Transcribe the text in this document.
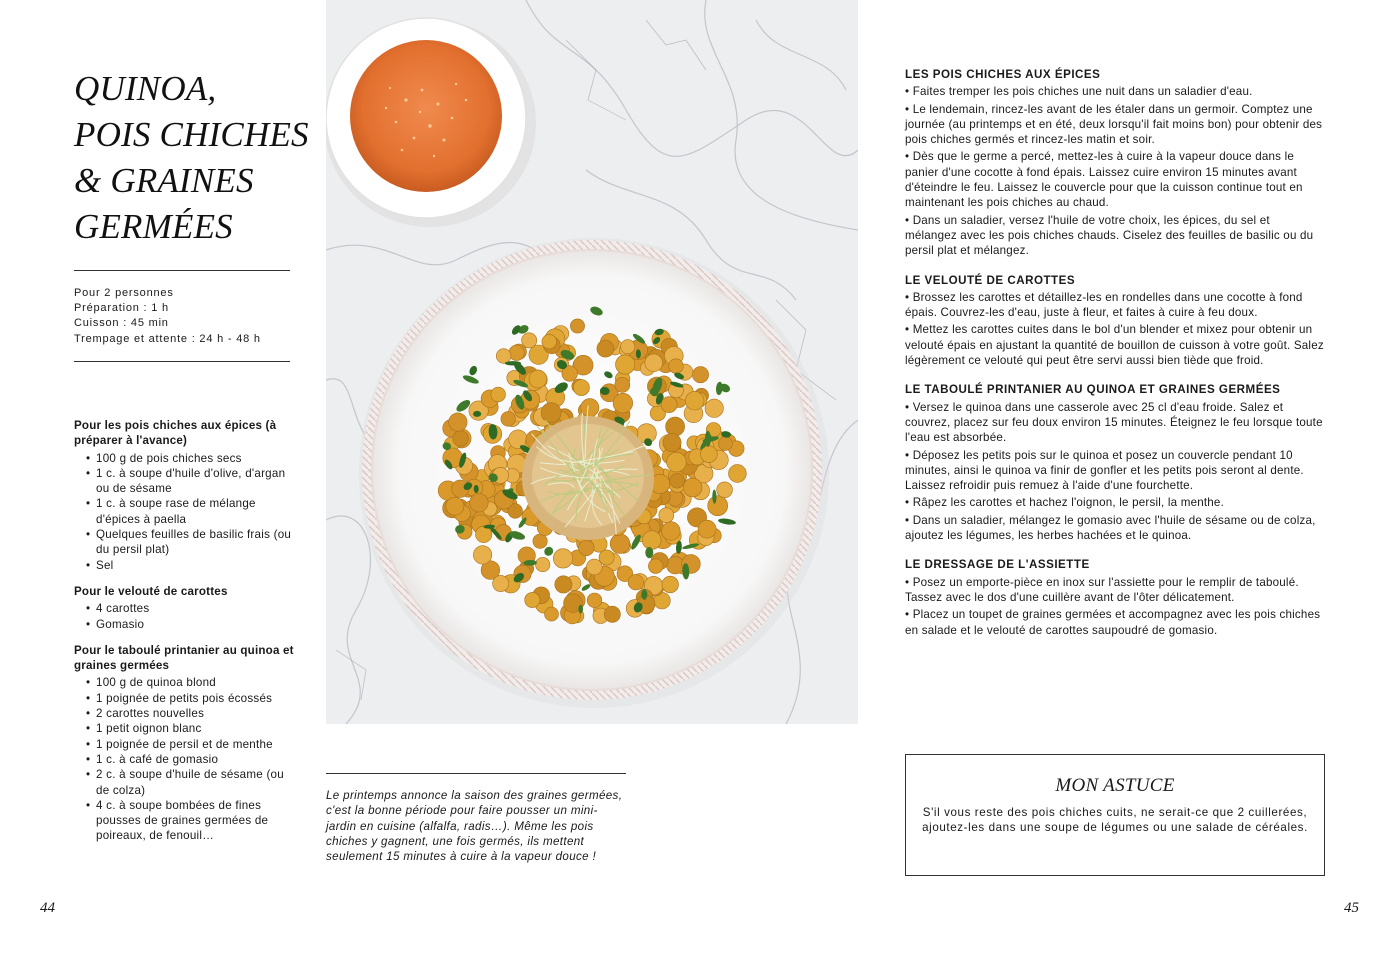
QUINOA,
POIS CHICHES
& GRAINES
GERMÉES
Pour 2 personnes
Préparation : 1 h
Cuisson : 45 min
Trempage et attente : 24 h - 48 h
Pour les pois chiches aux épices (à préparer à l'avance)
• 100 g de pois chiches secs
• 1 c. à soupe d'huile d'olive, d'argan ou de sésame
• 1 c. à soupe rase de mélange d'épices à paella
• Quelques feuilles de basilic frais (ou du persil plat)
• Sel
Pour le velouté de carottes
• 4 carottes
• Gomasio
Pour le taboulé printanier au quinoa et graines germées
• 100 g de quinoa blond
• 1 poignée de petits pois écossés
• 2 carottes nouvelles
• 1 petit oignon blanc
• 1 poignée de persil et de menthe
• 1 c. à café de gomasio
• 2 c. à soupe d'huile de sésame (ou de colza)
• 4 c. à soupe bombées de fines pousses de graines germées de poireaux, de fenouil…
44
Le printemps annonce la saison des graines germées, c'est la bonne période pour faire pousser un mini-jardin en cuisine (alfalfa, radis…). Même les pois chiches y gagnent, une fois germés, ils mettent seulement 15 minutes à cuire à la vapeur douce !
LES POIS CHICHES AUX ÉPICES

• Faites tremper les pois chiches une nuit dans un saladier d'eau.

• Le lendemain, rincez-les avant de les étaler dans un germoir. Comptez une journée (au printemps et en été, deux lorsqu'il fait moins bon) pour obtenir des pois chiches germés et rincez-les matin et soir.

• Dès que le germe a percé, mettez-les à cuire à la vapeur douce dans le panier d'une cocotte à fond épais. Laissez cuire environ 15 minutes avant d'éteindre le feu. Laissez le couvercle pour que la cuisson continue tout en maintenant les pois chiches au chaud.

• Dans un saladier, versez l'huile de votre choix, les épices, du sel et mélangez avec les pois chiches chauds. Ciselez des feuilles de basilic ou du persil plat et mélangez.

LE VELOUTÉ DE CAROTTES

• Brossez les carottes et détaillez-les en rondelles dans une cocotte à fond épais. Couvrez-les d'eau, juste à fleur, et faites à cuire à feu doux.

• Mettez les carottes cuites dans le bol d'un blender et mixez pour obtenir un velouté épais en ajustant la quantité de bouillon de cuisson à votre goût. Salez légèrement ce velouté qui peut être servi aussi bien tiède que froid.

LE TABOULÉ PRINTANIER AU QUINOA ET GRAINES GERMÉES

• Versez le quinoa dans une casserole avec 25 cl d'eau froide. Salez et couvrez, placez sur feu doux environ 15 minutes. Éteignez le feu lorsque toute l'eau est absorbée.

• Déposez les petits pois sur le quinoa et posez un couvercle pendant 10 minutes, ainsi le quinoa va finir de gonfler et les petits pois seront al dente. Laissez refroidir puis remuez à l'aide d'une fourchette.

• Râpez les carottes et hachez l'oignon, le persil, la menthe.

• Dans un saladier, mélangez le gomasio avec l'huile de sésame ou de colza, ajoutez les légumes, les herbes hachées et le quinoa.

LE DRESSAGE DE L'ASSIETTE

• Posez un emporte-pièce en inox sur l'assiette pour le remplir de taboulé. Tassez avec le dos d'une cuillère avant de l'ôter délicatement.

• Placez un toupet de graines germées et accompagnez avec les pois chiches en salade et le velouté de carottes saupoudré de gomasio.

MON ASTUCE
S'il vous reste des pois chiches cuits, ne serait-ce que 2 cuillerées, ajoutez-les dans une soupe de légumes ou une salade de céréales.
45
